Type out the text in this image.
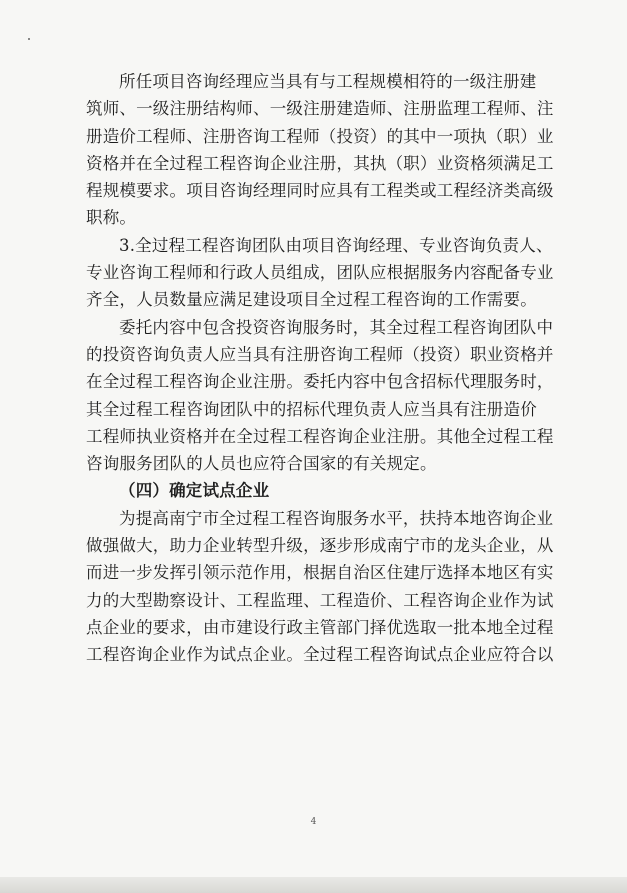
所任项目咨询经理应当具有与工程规模相符的一级注册建
筑师、一级注册结构师、一级注册建造师、注册监理工程师、注
册造价工程师、注册咨询工程师（投资）的其中一项执（职）业
资格并在全过程工程咨询企业注册，其执（职）业资格须满足工
程规模要求。项目咨询经理同时应具有工程类或工程经济类高级
职称。

3.全过程工程咨询团队由项目咨询经理、专业咨询负责人、
专业咨询工程师和行政人员组成，团队应根据服务内容配备专业
齐全，人员数量应满足建设项目全过程工程咨询的工作需要。

委托内容中包含投资咨询服务时，其全过程工程咨询团队中
的投资咨询负责人应当具有注册咨询工程师（投资）职业资格并
在全过程工程咨询企业注册。委托内容中包含招标代理服务时，
其全过程工程咨询团队中的招标代理负责人应当具有注册造价
工程师执业资格并在全过程工程咨询企业注册。其他全过程工程
咨询服务团队的人员也应符合国家的有关规定。

（四）确定试点企业

为提高南宁市全过程工程咨询服务水平，扶持本地咨询企业
做强做大，助力企业转型升级，逐步形成南宁市的龙头企业，从
而进一步发挥引领示范作用，根据自治区住建厅选择本地区有实
力的大型勘察设计、工程监理、工程造价、工程咨询企业作为试
点企业的要求，由市建设行政主管部门择优选取一批本地全过程
工程咨询企业作为试点企业。全过程工程咨询试点企业应符合以

4
